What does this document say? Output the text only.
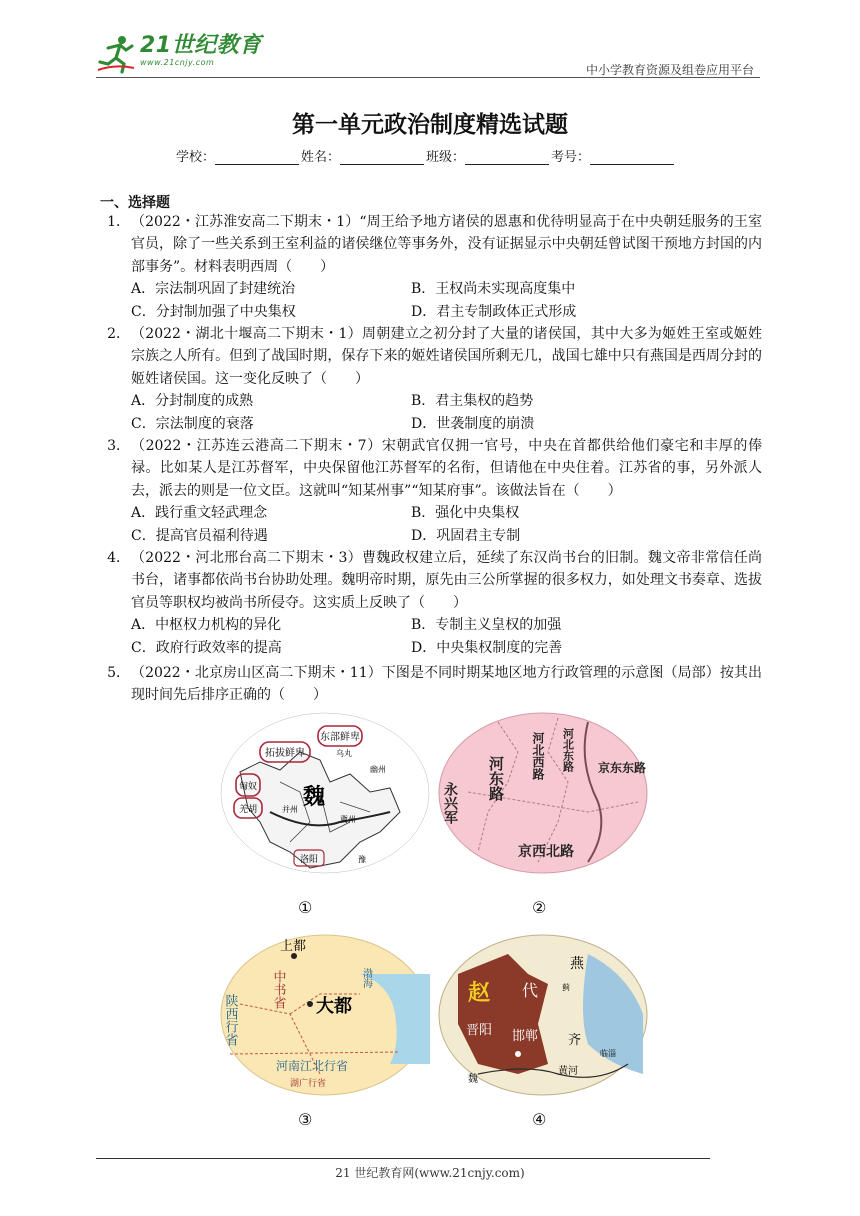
21世纪教育
www.21cnjy.com
中小学教育资源及组卷应用平台
第一单元政治制度精选试题
学校：	姓名：	班级：	考号：
一、选择题
1． （2022・江苏淮安高二下期末・1）“周王给予地方诸侯的恩惠和优待明显高于在中央朝廷服务的王室官员，除了一些关系到王室利益的诸侯继位等事务外，没有证据显示中央朝廷曾试图干预地方封国的内部事务”。材料表明西周（　　）
A．宗法制巩固了封建统治	B．王权尚未实现高度集中
C．分封制加强了中央集权	D．君主专制政体正式形成
2． （2022・湖北十堰高二下期末・1）周朝建立之初分封了大量的诸侯国，其中大多为姬姓王室或姬姓宗族之人所有。但到了战国时期，保存下来的姬姓诸侯国所剩无几，战国七雄中只有燕国是西周分封的姬姓诸侯国。这一变化反映了（　　）
A．分封制度的成熟	B．君主集权的趋势
C．宗法制度的衰落	D．世袭制度的崩溃
3． （2022・江苏连云港高二下期末・7）宋朝武官仅拥一官号，中央在首都供给他们豪宅和丰厚的俸禄。比如某人是江苏督军，中央保留他江苏督军的名衔，但请他在中央住着。江苏省的事，另外派人去，派去的则是一位文臣。这就叫“知某州事”“知某府事”。该做法旨在（　　）
A．践行重文轻武理念	B．强化中央集权
C．提高官员福利待遇	D．巩固君主专制
4． （2022・河北邢台高二下期末・3）曹魏政权建立后，延续了东汉尚书台的旧制。魏文帝非常信任尚书台，诸事都依尚书台协助处理。魏明帝时期，原先由三公所掌握的很多权力，如处理文书奏章、选拔官员等职权均被尚书所侵夺。这实质上反映了（　　）
A．中枢权力机构的异化	B．专制主义皇权的加强
C．政府行政效率的提高	D．中央集权制度的完善
5． （2022・北京房山区高二下期末・11）下图是不同时期某地区地方行政管理的示意图（局部）按其出现时间先后排序正确的（　　）
东部鲜卑
拓拔鲜卑	乌丸
匈奴
羌胡 魏
并州
冀州
洛阳
幽州
豫
①
河东路 河北西路 河北东路 京东东路
永兴军
京西北路
②
上都
中书省 大都
渤海
陕西行省
河南江北行省
湖广行省
③
赵 代
燕
蓟
晋阳 邯郸 齐
黄河
临淄
魏
④
21 世纪教育网(www.21cnjy.com)
